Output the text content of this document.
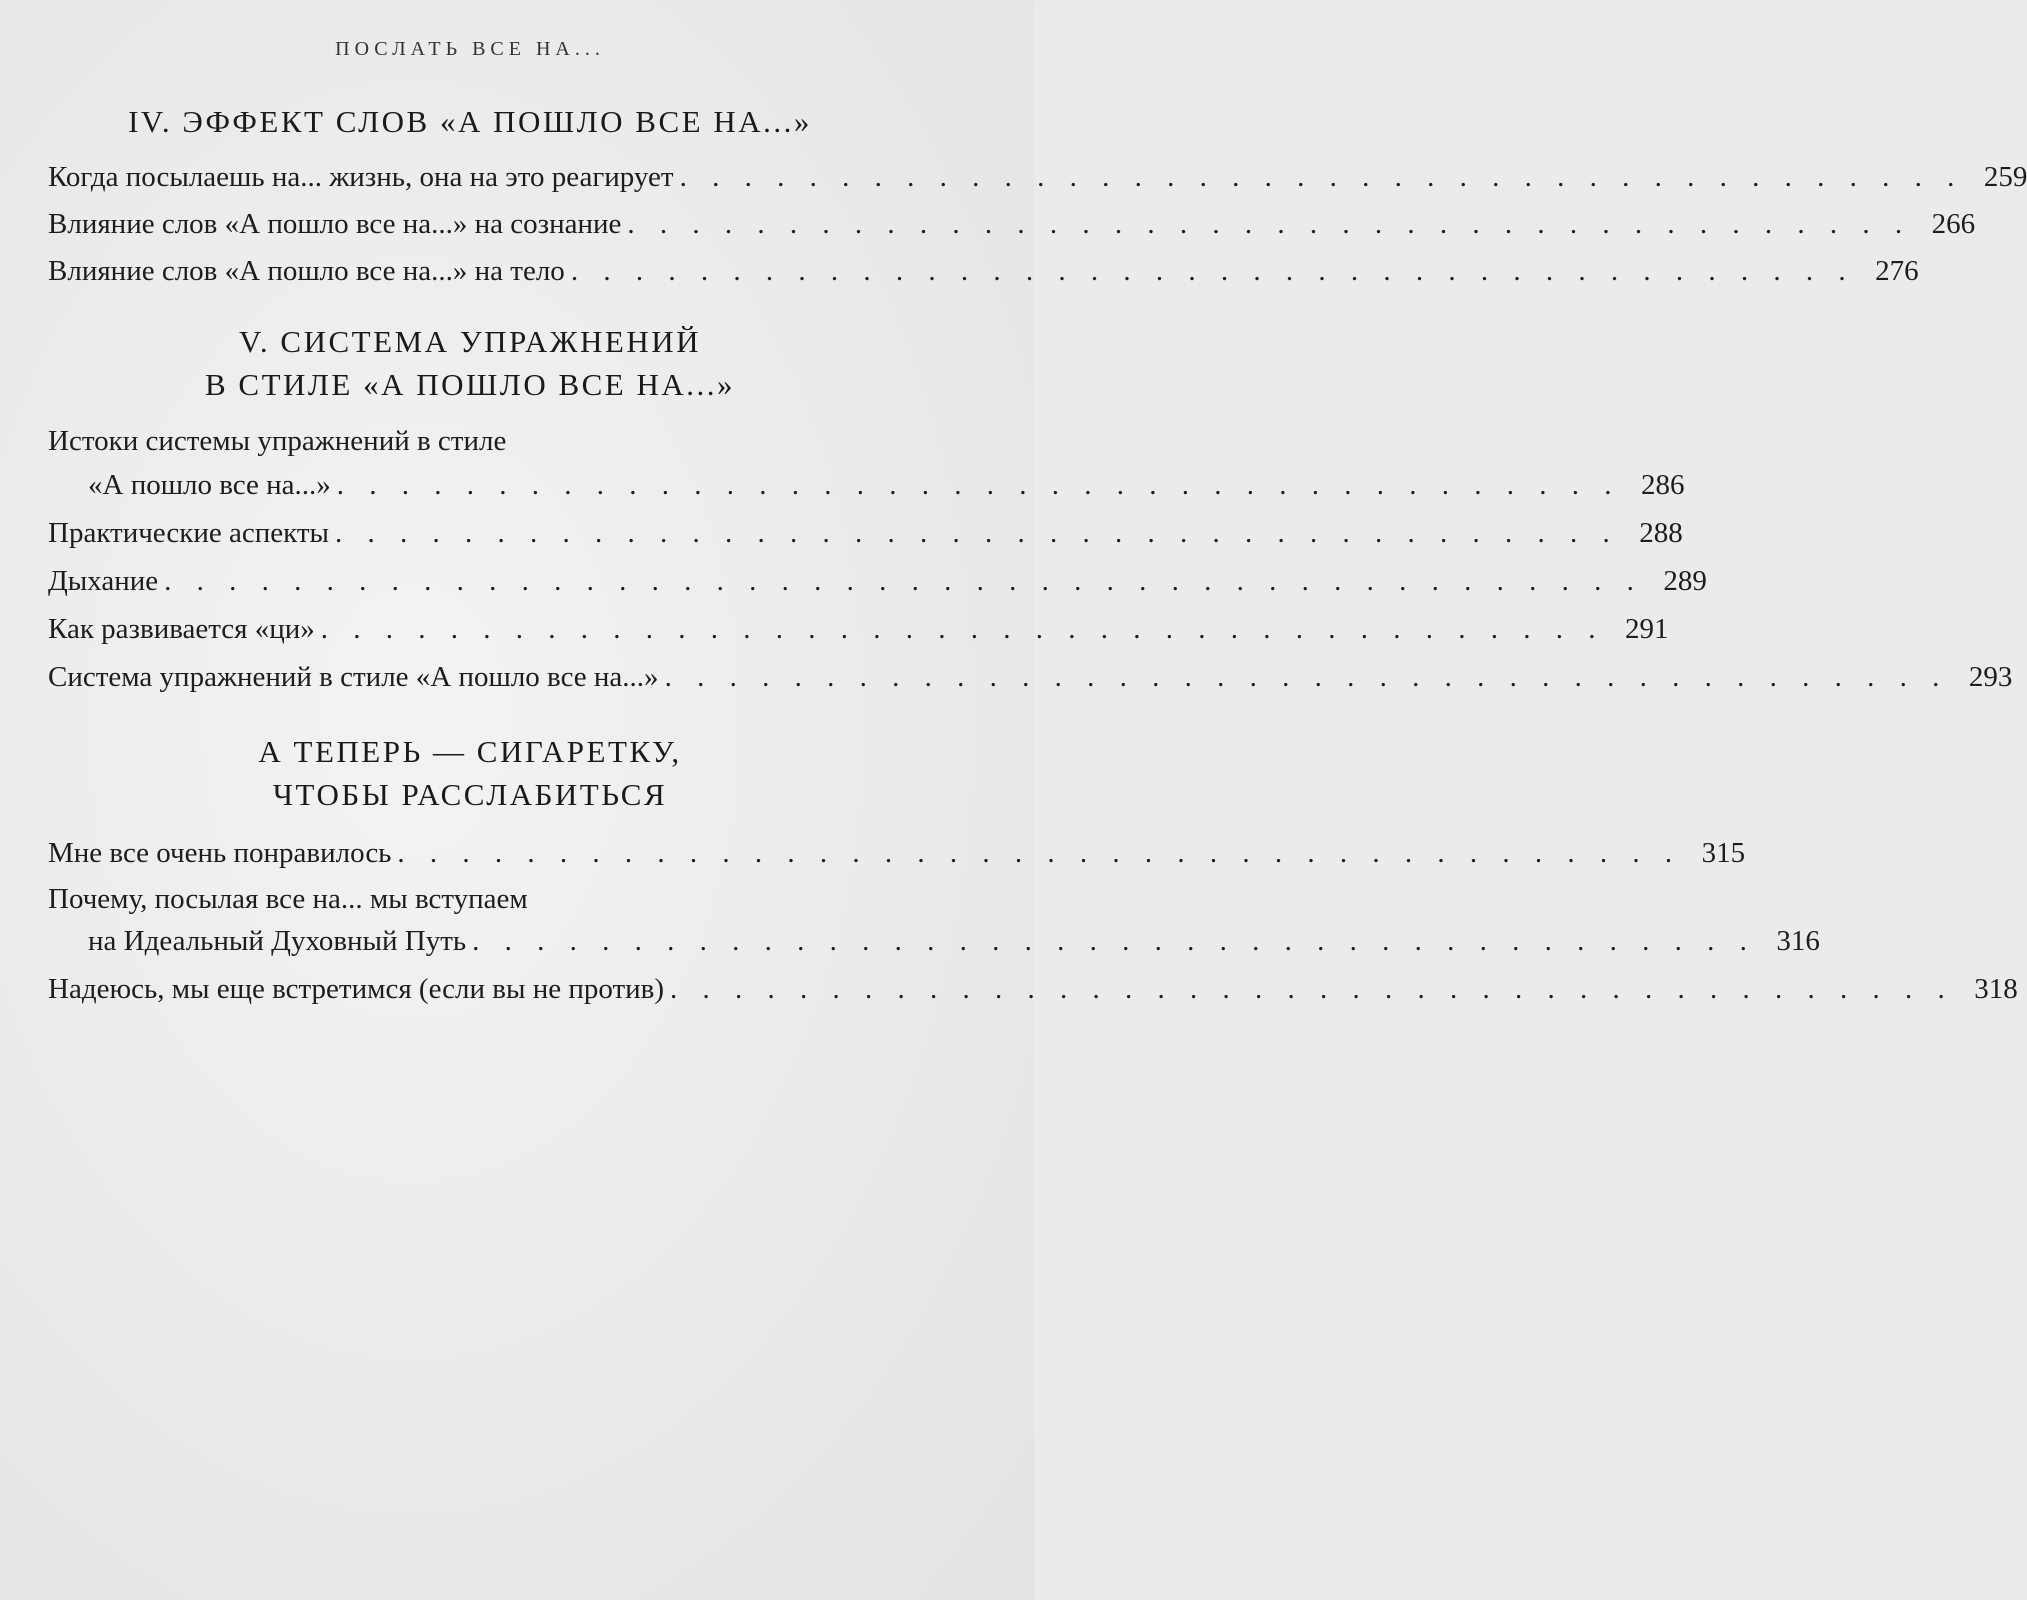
ПОСЛАТЬ ВСЕ НА...
IV. ЭФФЕКТ СЛОВ «А ПОШЛО ВСЕ НА...»
Когда посылаешь на... жизнь, она на это реагирует . . . . . . . . . . . . . . . . . . . . . . . . . . . . . . . . . . . . . . . . 259
Влияние слов «А пошло все на...» на сознание . . . . . . . . . . . . . . . . . . . . . . . . . . . . . . . . . . . . . . . . 266
Влияние слов «А пошло все на...» на тело . . . . . . . . . . . . . . . . . . . . . . . . . . . . . . . . . . . . . . . . 276
V. СИСТЕМА УПРАЖНЕНИЙ
В СТИЛЕ «А ПОШЛО ВСЕ НА...»
Истоки системы упражнений в стиле
«А пошло все на...» . . . . . . . . . . . . . . . . . . . . . . . . . . . . . . . . . . . . . . . . 286
Практические аспекты . . . . . . . . . . . . . . . . . . . . . . . . . . . . . . . . . . . . . . . . 288
Дыхание . . . . . . . . . . . . . . . . . . . . . . . . . . . . . . . . . . . . . . . . . . . . . . 289
Как развивается «ци» . . . . . . . . . . . . . . . . . . . . . . . . . . . . . . . . . . . . . . . . 291
Система упражнений в стиле «А пошло все на...» . . . . . . . . . . . . . . . . . . . . . . . . . . . . . . . . . . . . . . . . 293
А ТЕПЕРЬ — СИГАРЕТКУ,
ЧТОБЫ РАССЛАБИТЬСЯ
Мне все очень понравилось . . . . . . . . . . . . . . . . . . . . . . . . . . . . . . . . . . . . . . . . 315
Почему, посылая все на... мы вступаем
на Идеальный Духовный Путь . . . . . . . . . . . . . . . . . . . . . . . . . . . . . . . . . . . . . . . . 316
Надеюсь, мы еще встретимся (если вы не против) . . . . . . . . . . . . . . . . . . . . . . . . . . . . . . . . . . . . . . . . 318
